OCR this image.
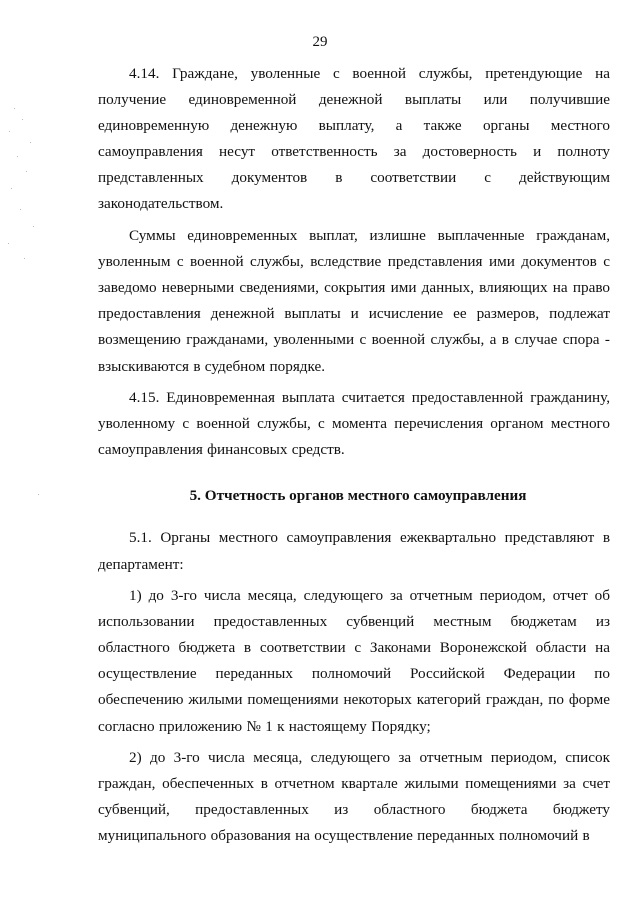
29

4.14. Граждане, уволенные с военной службы, претендующие на получение единовременной денежной выплаты или получившие единовременную денежную выплату, а также органы местного самоуправления несут ответственность за достоверность и полноту представленных документов в соответствии с действующим законодательством.

Суммы единовременных выплат, излишне выплаченные гражданам, уволенным с военной службы, вследствие представления ими документов с заведомо неверными сведениями, сокрытия ими данных, влияющих на право предоставления денежной выплаты и исчисление ее размеров, подлежат возмещению гражданами, уволенными с военной службы, а в случае спора - взыскиваются в судебном порядке.

4.15. Единовременная выплата считается предоставленной гражданину, уволенному с военной службы, с момента перечисления органом местного самоуправления финансовых средств.

5. Отчетность органов местного самоуправления

5.1. Органы местного самоуправления ежеквартально представляют в департамент:

1) до 3-го числа месяца, следующего за отчетным периодом, отчет об использовании предоставленных субвенций местным бюджетам из областного бюджета в соответствии с Законами Воронежской области на осуществление переданных полномочий Российской Федерации по обеспечению жилыми помещениями некоторых категорий граждан, по форме согласно приложению № 1 к настоящему Порядку;

2) до 3-го числа месяца, следующего за отчетным периодом, список граждан, обеспеченных в отчетном квартале жилыми помещениями за счет субвенций, предоставленных из областного бюджета бюджету муниципального образования на осуществление переданных полномочий в
